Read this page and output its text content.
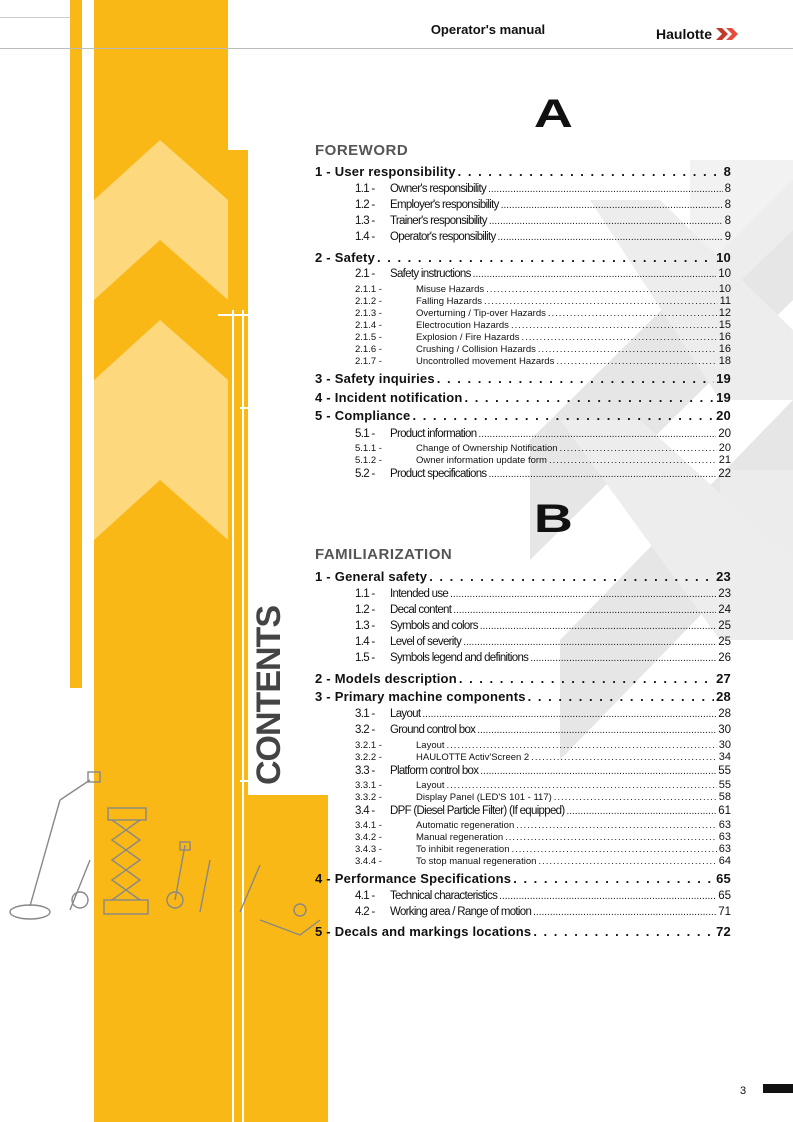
Operator's manual	Haulotte
CONTENTS
A
FOREWORD
B
FAMILIARIZATION
1 - User responsibility . . .	8
1.1 -	Owner's responsibility .....	8
1.2 -	Employer's responsibility .....	8
1.3 -	Trainer's responsibility .....	8
1.4 -	Operator's responsibility .....	9
2 - Safety . . .	10
2.1 -	Safety instructions .....	10
2.1.1 -	Misuse Hazards .....	10
2.1.2 -	Falling Hazards .....	11
2.1.3 -	Overturning / Tip-over Hazards .....	12
2.1.4 -	Electrocution Hazards .....	15
2.1.5 -	Explosion / Fire Hazards .....	16
2.1.6 -	Crushing / Collision Hazards .....	16
2.1.7 -	Uncontrolled movement Hazards .....	18
3 - Safety inquiries . . .	19
4 - Incident notification . . .	19
5 - Compliance . . .	20
5.1 -	Product information .....	20
5.1.1 -	Change of Ownership Notification .....	20
5.1.2 -	Owner information update form .....	21
5.2 -	Product specifications .....	22
1 - General safety . . .	23
1.1 -	Intended use .....	23
1.2 -	Decal content .....	24
1.3 -	Symbols and colors .....	25
1.4 -	Level of severity .....	25
1.5 -	Symbols legend and definitions .....	26
2 - Models description . . .	27
3 - Primary machine components . . .	28
3.1 -	Layout .....	28
3.2 -	Ground control box .....	30
3.2.1 -	Layout .....	30
3.2.2 -	HAULOTTE Activ'Screen 2 .....	34
3.3 -	Platform control box .....	55
3.3.1 -	Layout .....	55
3.3.2 -	Display Panel (LED'S 101 - 117) .....	58
3.4 -	DPF (Diesel Particle Filter) (If equipped) .....	61
3.4.1 -	Automatic regeneration .....	63
3.4.2 -	Manual regeneration .....	63
3.4.3 -	To inhibit regeneration .....	63
3.4.4 -	To stop manual regeneration .....	64
4 - Performance Specifications . . .	65
4.1 -	Technical characteristics .....	65
4.2 -	Working area / Range of motion .....	71
5 - Decals and markings locations . . .	72
3
